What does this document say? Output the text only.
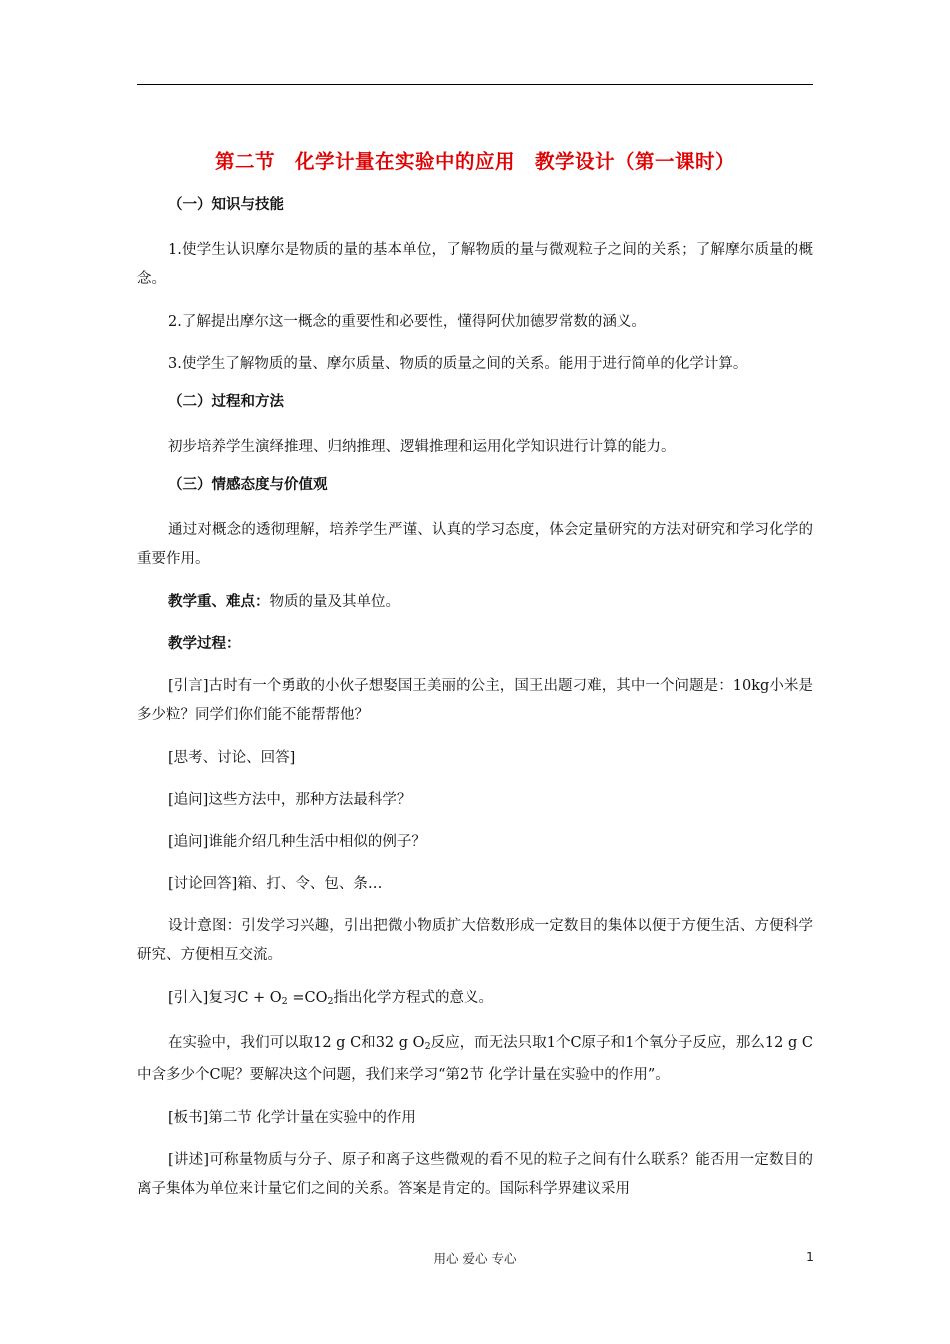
第二节　化学计量在实验中的应用　教学设计（第一课时）
（一）知识与技能
1.使学生认识摩尔是物质的量的基本单位，了解物质的量与微观粒子之间的关系；了解摩尔质量的概念。
2.了解提出摩尔这一概念的重要性和必要性，懂得阿伏加德罗常数的涵义。
3.使学生了解物质的量、摩尔质量、物质的质量之间的关系。能用于进行简单的化学计算。
（二）过程和方法
初步培养学生演绎推理、归纳推理、逻辑推理和运用化学知识进行计算的能力。
（三）情感态度与价值观
通过对概念的透彻理解，培养学生严谨、认真的学习态度，体会定量研究的方法对研究和学习化学的重要作用。
教学重、难点：物质的量及其单位。
教学过程：
[引言]古时有一个勇敢的小伙子想娶国王美丽的公主，国王出题刁难，其中一个问题是：10kg小米是多少粒？同学们你们能不能帮帮他？
[思考、讨论、回答]
[追问]这些方法中，那种方法最科学？
[追问]谁能介绍几种生活中相似的例子？
[讨论回答]箱、打、令、包、条…
设计意图：引发学习兴趣，引出把微小物质扩大倍数形成一定数目的集体以便于方便生活、方便科学研究、方便相互交流。
[引入]复习$C + O_2 =CO_2$指出化学方程式的意义。
在实验中，我们可以取12 g C和32 g $O_2$反应，而无法只取1个C原子和1个氧分子反应，那么12 g C中含多少个C呢？要解决这个问题，我们来学习“第2节 化学计量在实验中的作用”。
[板书]第二节 化学计量在实验中的作用
[讲述]可称量物质与分子、原子和离子这些微观的看不见的粒子之间有什么联系？能否用一定数目的离子集体为单位来计量它们之间的关系。答案是肯定的。国际科学界建议采用
用心 爱心 专心	1
